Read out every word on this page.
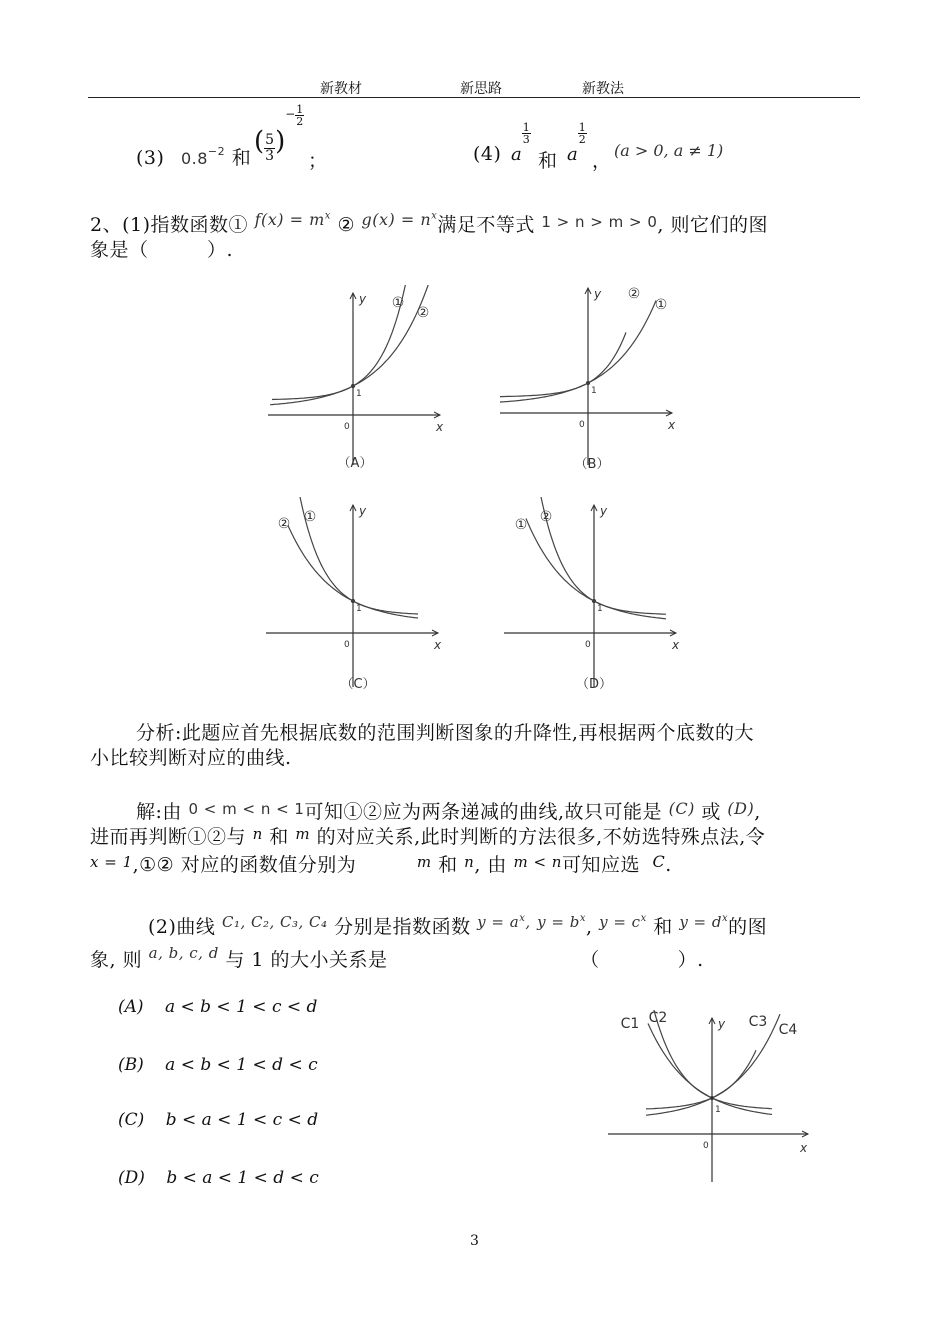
新教材	新思路	新教法
(3) $0.8^{-2}$ 和
( $\frac{5}{3} )^- \frac{1}{2}$
；	(4) a
$\frac{1}{3}$
和 a
$\frac{1}{2}$
， (a > 0, a ≠ 1)
2、(1)指数函数① $^{f(x) = m^x}$ ② $^{g(x) = n^x}$满足不等式 $^{1 > n > m > 0}$, 则它们的图
象是（　　　）.
x
y
0
1
①
②
（A）
x
y
0
1
②
①
（B）
x
y
0
1
② ①
（C）
x
y
0
1
① ②
（D）
分析:此题应首先根据底数的范围判断图象的升降性,再根据两个底数的大
小比较判断对应的曲线.
解:由 $^{0 < m < n < 1}$可知①②应为两条递减的曲线,故只可能是 $^{(C)}$ 或 $^{(D)}$,
进而再判断①②与 $^n$ 和 $^m$ 的对应关系,此时判断的方法很多,不妨选特殊点法,令
$^{x = 1}$,①② 对应的函数值分别为	$^m$ 和 $^n$, 由 $^{m < n}$可知应选 $^C$.
(2)曲线 $^{C_1, C_2, C_3, C_4}$ 分别是指数函数 $^{y = a^x,}$ $^{y = b^x}$, $^{y = c^x}$ 和 $^{y = d^x}$的图
象, 则 $^{a, b, c, d}$ 与 1 的大小关系是	（　　　　）.
(A) a < b < 1 < c < d
(B) a < b < 1 < d < c
(C) b < a < 1 < c < d
(D) b < a < 1 < d < c
x
y
0
1
C1 C2	C3 C4
3
